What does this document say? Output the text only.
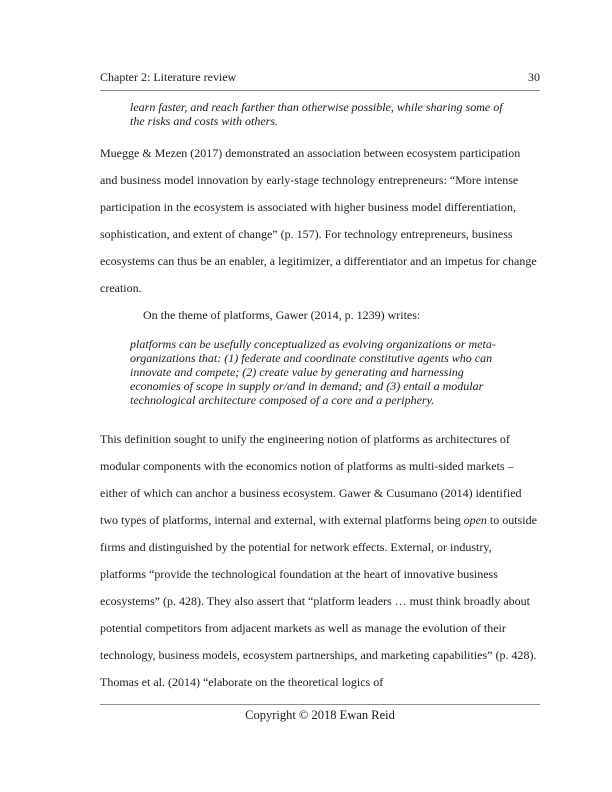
Chapter 2: Literature review	30
learn faster, and reach farther than otherwise possible, while sharing some of the risks and costs with others.

Muegge & Mezen (2017) demonstrated an association between ecosystem participation and business model innovation by early-stage technology entrepreneurs: “More intense participation in the ecosystem is associated with higher business model differentiation, sophistication, and extent of change” (p. 157). For technology entrepreneurs, business ecosystems can thus be an enabler, a legitimizer, a differentiator and an impetus for change creation.

On the theme of platforms, Gawer (2014, p. 1239) writes:

platforms can be usefully conceptualized as evolving organizations or meta-organizations that: (1) federate and coordinate constitutive agents who can innovate and compete; (2) create value by generating and harnessing economies of scope in supply or/and in demand; and (3) entail a modular technological architecture composed of a core and a periphery.

This definition sought to unify the engineering notion of platforms as architectures of modular components with the economics notion of platforms as multi-sided markets – either of which can anchor a business ecosystem. Gawer & Cusumano (2014) identified two types of platforms, internal and external, with external platforms being open to outside firms and distinguished by the potential for network effects. External, or industry, platforms “provide the technological foundation at the heart of innovative business ecosystems” (p. 428). They also assert that “platform leaders … must think broadly about potential competitors from adjacent markets as well as manage the evolution of their technology, business models, ecosystem partnerships, and marketing capabilities” (p. 428). Thomas et al. (2014) “elaborate on the theoretical logics of

Copyright © 2018 Ewan Reid
